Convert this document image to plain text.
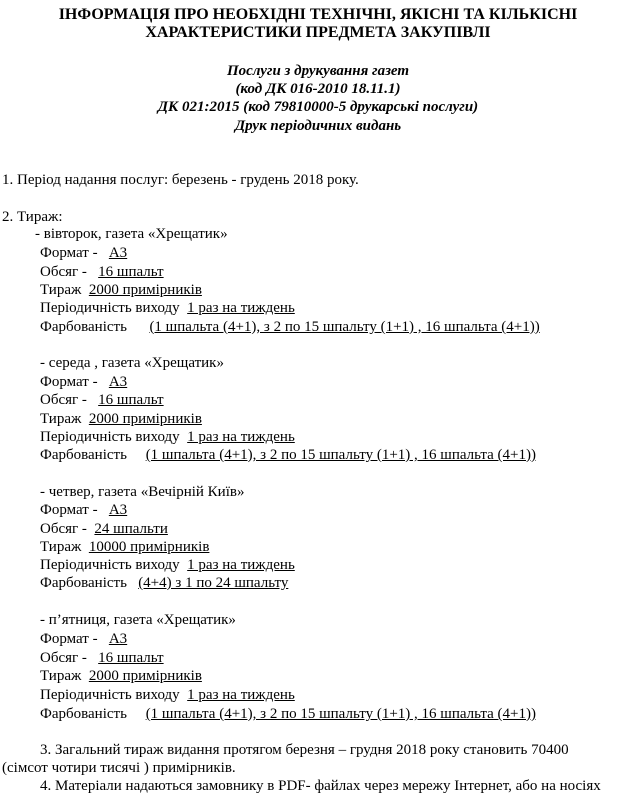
ІНФОРМАЦІЯ ПРО НЕОБХІДНІ ТЕХНІЧНІ, ЯКІСНІ ТА КІЛЬКІСНІ
ХАРАКТЕРИСТИКИ ПРЕДМЕТА ЗАКУПІВЛІ
Послуги з друкування газет
(код ДК 016-2010 18.11.1)
ДК 021:2015 (код 79810000-5 друкарські послуги)
Друк періодичних видань
1. Період надання послуг: березень - грудень 2018 року.
2. Тираж:
- вівторок, газета «Хрещатик»
Формат - А3
Обсяг - 16 шпальт
Тираж 2000 примірників
Періодичність виходу 1 раз на тиждень
Фарбованість (1 шпальта (4+1), з 2 по 15 шпальту (1+1) , 16 шпальта (4+1))
- середа , газета «Хрещатик»
Формат - А3
Обсяг - 16 шпальт
Тираж 2000 примірників
Періодичність виходу 1 раз на тиждень
Фарбованість (1 шпальта (4+1), з 2 по 15 шпальту (1+1) , 16 шпальта (4+1))
- четвер, газета «Вечірній Київ»
Формат - А3
Обсяг - 24 шпальти
Тираж 10000 примірників
Періодичність виходу 1 раз на тиждень
Фарбованість (4+4) з 1 по 24 шпальту
- п’ятниця, газета «Хрещатик»
Формат - А3
Обсяг - 16 шпальт
Тираж 2000 примірників
Періодичність виходу 1 раз на тиждень
Фарбованість (1 шпальта (4+1), з 2 по 15 шпальту (1+1) , 16 шпальта (4+1))
3. Загальний тираж видання протягом березня – грудня 2018 року становить 70400
(сімсот чотири тисячі ) примірників.
4. Матеріали надаються замовнику в PDF- файлах через мережу Інтернет, або на носіях
